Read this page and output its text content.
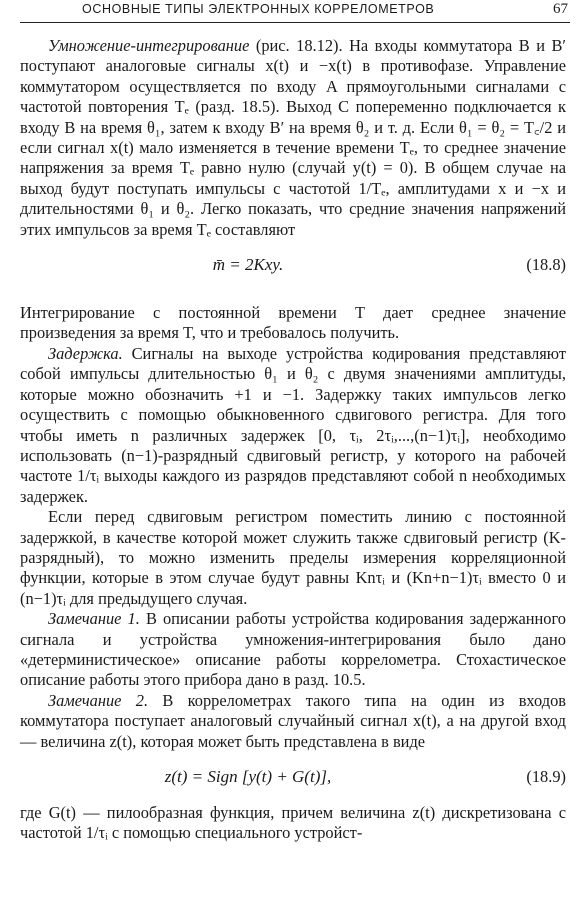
ОСНОВНЫЕ ТИПЫ ЭЛЕКТРОННЫХ КОРРЕЛОМЕТРОВ	67

Умножение-интегрирование (рис. 18.12). На входы коммутатора B и B′ поступают аналоговые сигналы x(t) и −x(t) в противофазе. Управление коммутатором осуществляется по входу A прямоугольными сигналами с частотой повторения Tₑ (разд. 18.5). Выход C попеременно подключается к входу B на время θ₁, затем к входу B′ на время θ₂ и т. д. Если θ₁ = θ₂ = T꜀/2 и если сигнал x(t) мало изменяется в течение времени Tₑ, то среднее значение напряжения за время Tₑ равно нулю (случай y(t) = 0). В общем случае на выход будут поступать импульсы с частотой 1/Tₑ, амплитудами x и −x и длительностями θ₁ и θ₂. Легко показать, что средние значения напряжений этих импульсов за время Tₑ составляют

m̄ = 2Kxy.	(18.8)

Интегрирование с постоянной времени T дает среднее значение произведения за время T, что и требовалось получить.

Задержка. Сигналы на выходе устройства кодирования представляют собой импульсы длительностью θ₁ и θ₂ с двумя значениями амплитуды, которые можно обозначить +1 и −1. Задержку таких импульсов легко осуществить с помощью обыкновенного сдвигового регистра. Для того чтобы иметь n различных задержек [0, τᵢ, 2τᵢ,...,(n−1)τᵢ], необходимо использовать (n−1)-разрядный сдвиговый регистр, у которого на рабочей частоте 1/τᵢ выходы каждого из разрядов представляют собой n необходимых задержек.

Если перед сдвиговым регистром поместить линию с постоянной задержкой, в качестве которой может служить также сдвиговый регистр (K-разрядный), то можно изменить пределы измерения корреляционной функции, которые в этом случае будут равны Knτᵢ и (Kn+n−1)τᵢ вместо 0 и (n−1)τᵢ для предыдущего случая.

Замечание 1. В описании работы устройства кодирования задержанного сигнала и устройства умножения-интегрирования было дано «детерминистическое» описание работы коррелометра. Стохастическое описание работы этого прибора дано в разд. 10.5.

Замечание 2. В коррелометрах такого типа на один из входов коммутатора поступает аналоговый случайный сигнал x(t), а на другой вход — величина z(t), которая может быть представлена в виде

z(t) = Sign [y(t) + G(t)],	(18.9)

где G(t) — пилообразная функция, причем величина z(t) дискретизована с частотой 1/τᵢ с помощью специального устройст-
